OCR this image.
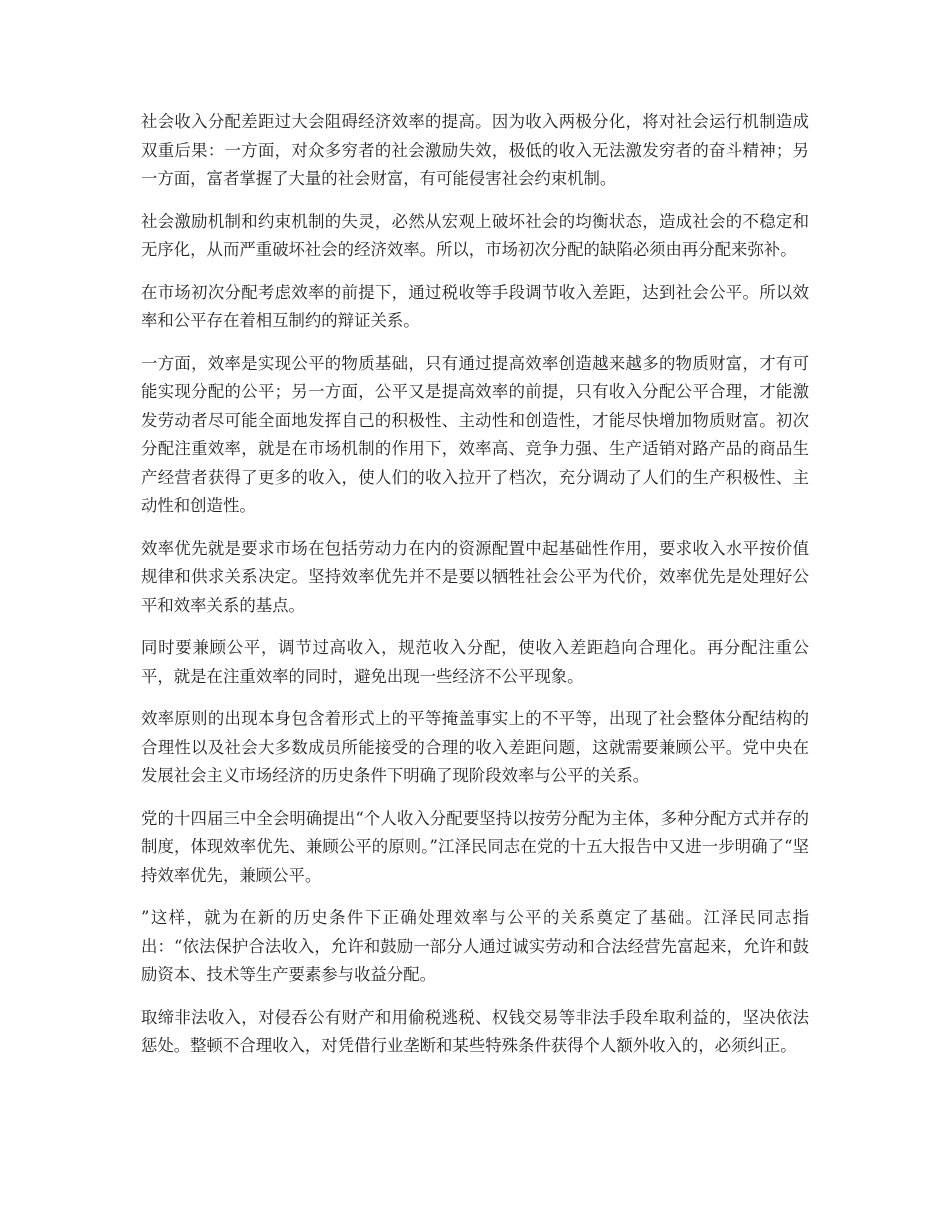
社会收入分配差距过大会阻碍经济效率的提高。因为收入两极分化，将对社会运行机制造成双重后果：一方面，对众多穷者的社会激励失效，极低的收入无法激发穷者的奋斗精神；另一方面，富者掌握了大量的社会财富，有可能侵害社会约束机制。

社会激励机制和约束机制的失灵，必然从宏观上破坏社会的均衡状态，造成社会的不稳定和无序化，从而严重破坏社会的经济效率。所以，市场初次分配的缺陷必须由再分配来弥补。

在市场初次分配考虑效率的前提下，通过税收等手段调节收入差距，达到社会公平。所以效率和公平存在着相互制约的辩证关系。

一方面，效率是实现公平的物质基础，只有通过提高效率创造越来越多的物质财富，才有可能实现分配的公平；另一方面，公平又是提高效率的前提，只有收入分配公平合理，才能激发劳动者尽可能全面地发挥自己的积极性、主动性和创造性，才能尽快增加物质财富。初次分配注重效率，就是在市场机制的作用下，效率高、竞争力强、生产适销对路产品的商品生产经营者获得了更多的收入，使人们的收入拉开了档次，充分调动了人们的生产积极性、主动性和创造性。

效率优先就是要求市场在包括劳动力在内的资源配置中起基础性作用，要求收入水平按价值规律和供求关系决定。坚持效率优先并不是要以牺牲社会公平为代价，效率优先是处理好公平和效率关系的基点。

同时要兼顾公平，调节过高收入，规范收入分配，使收入差距趋向合理化。再分配注重公平，就是在注重效率的同时，避免出现一些经济不公平现象。

效率原则的出现本身包含着形式上的平等掩盖事实上的不平等，出现了社会整体分配结构的合理性以及社会大多数成员所能接受的合理的收入差距问题，这就需要兼顾公平。党中央在发展社会主义市场经济的历史条件下明确了现阶段效率与公平的关系。

党的十四届三中全会明确提出“个人收入分配要坚持以按劳分配为主体，多种分配方式并存的制度，体现效率优先、兼顾公平的原则。”江泽民同志在党的十五大报告中又进一步明确了“坚持效率优先，兼顾公平。

”这样，就为在新的历史条件下正确处理效率与公平的关系奠定了基础。江泽民同志指出：“依法保护合法收入，允许和鼓励一部分人通过诚实劳动和合法经营先富起来，允许和鼓励资本、技术等生产要素参与收益分配。

取缔非法收入，对侵吞公有财产和用偷税逃税、权钱交易等非法手段牟取利益的，坚决依法惩处。整顿不合理收入，对凭借行业垄断和某些特殊条件获得个人额外收入的，必须纠正。
